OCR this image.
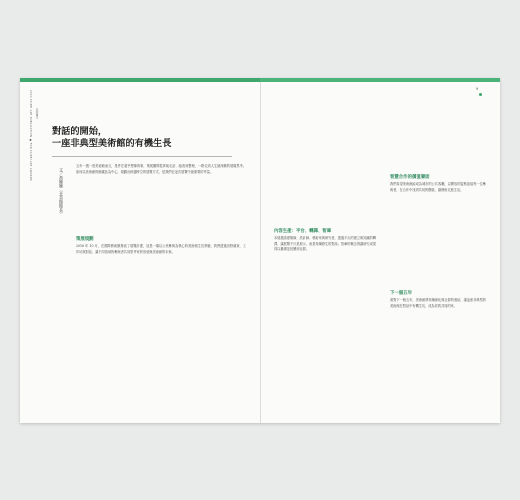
2020 TAIPEI ART PUBLICATION ● FOR TAIPEI ART AWARDS	家的重量
9
對話的開始，
一座非典型美術館的有機生長
文／黃姍姍（北美館館長）
五年一遇一度美術館而言，是件在超乎想像的事，策展團隊從實地走訪、踏查到整理，一路走到人生最深層的展場思考。如何以美術館的館藏品為中心，規劃出跨越時空的展覽方式，是我們在這次展覽中最重要的考量。
策展規劃
2016 年 10 月，在國際藝術節發表了展覽計畫，這是一場以公民參與為核心的美術館生長實驗，我們透過田野調查、工作坊與對話，讓不同領域的參與者共同思考家的形狀與美術館的未來。
內容生產：平台、轉譯、智庫
本展邀請建築師、設計師、藝術家與研究者，透過平台的建立與知識的轉譯，讓展覽不只是展示，而是持續發生的對話；智庫的概念則讓研究成果得以累積並回饋到社群。
智慧合作的價值層面
我們希望美術館能成為城市的公共客廳，以開放的姿態迎接每一位參與者，在合作中找到共同的價值，讓藝術走進生活。
下一個五年
面對下一個五年，美術館將持續深化與社群的連結，讓這座非典型的美術館在對話中有機生長，成為你我共同的家。
